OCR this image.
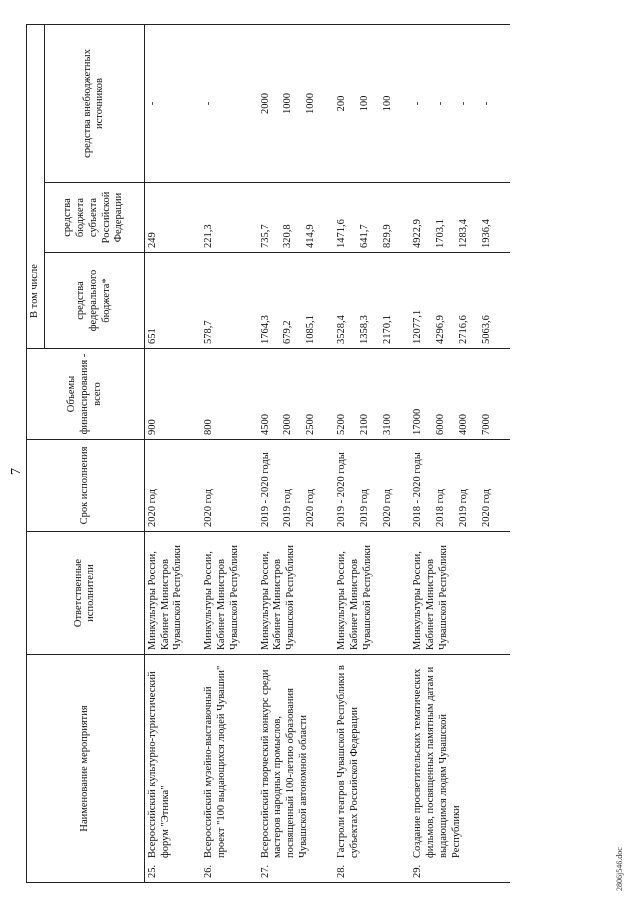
7
Наименование мероприятия	Ответственные исполнители	Срок исполнения	Объемы финансирования - всего	В том числе		
				средства федерального бюджета*	средства бюджета субъекта Российской Федерации	средства внебюджетных источников
25.Всероссийский культурно-туристический форум "Этника"	Минкультуры России, Кабинет Министров Чувашской Республики	2020 год	900	651	249	-

26.Всероссийский музейно-выставочный проект "100 выдающихся людей Чувашии"	Минкультуры России, Кабинет Министров Чувашской Республики	2020 год	800	578,7	221,3	-

27.Всероссийский творческий конкурс среди мастеров народных промыслов, посвященный 100-летию образования Чувашской автономной области	Минкультуры России, Кабинет Министров Чувашской Республики	2019 - 2020 годы	4500	1764,3	735,7	2000
		2019 год	2000	679,2	320,8	1000
		2020 год	2500	1085,1	414,9	1000

28.Гастроли театров Чувашской Республики в субъектах Российской Федерации	Минкультуры России, Кабинет Министров Чувашской Республики	2019 - 2020 годы	5200	3528,4	1471,6	200
		2019 год	2100	1358,3	641,7	100
		2020 год	3100	2170,1	829,9	100

29.Создание просветительских тематических фильмов, посвященных памятным датам и выдающимся людям Чувашской Республики	Минкультуры России, Кабинет Министров Чувашской Республики	2018 - 2020 годы	17000	12077,1	4922,9	-
		2018 год	6000	4296,9	1703,1	-
		2019 год	4000	2716,6	1283,4	-
		2020 год	7000	5063,6	1936,4	-

2806j546.doc
